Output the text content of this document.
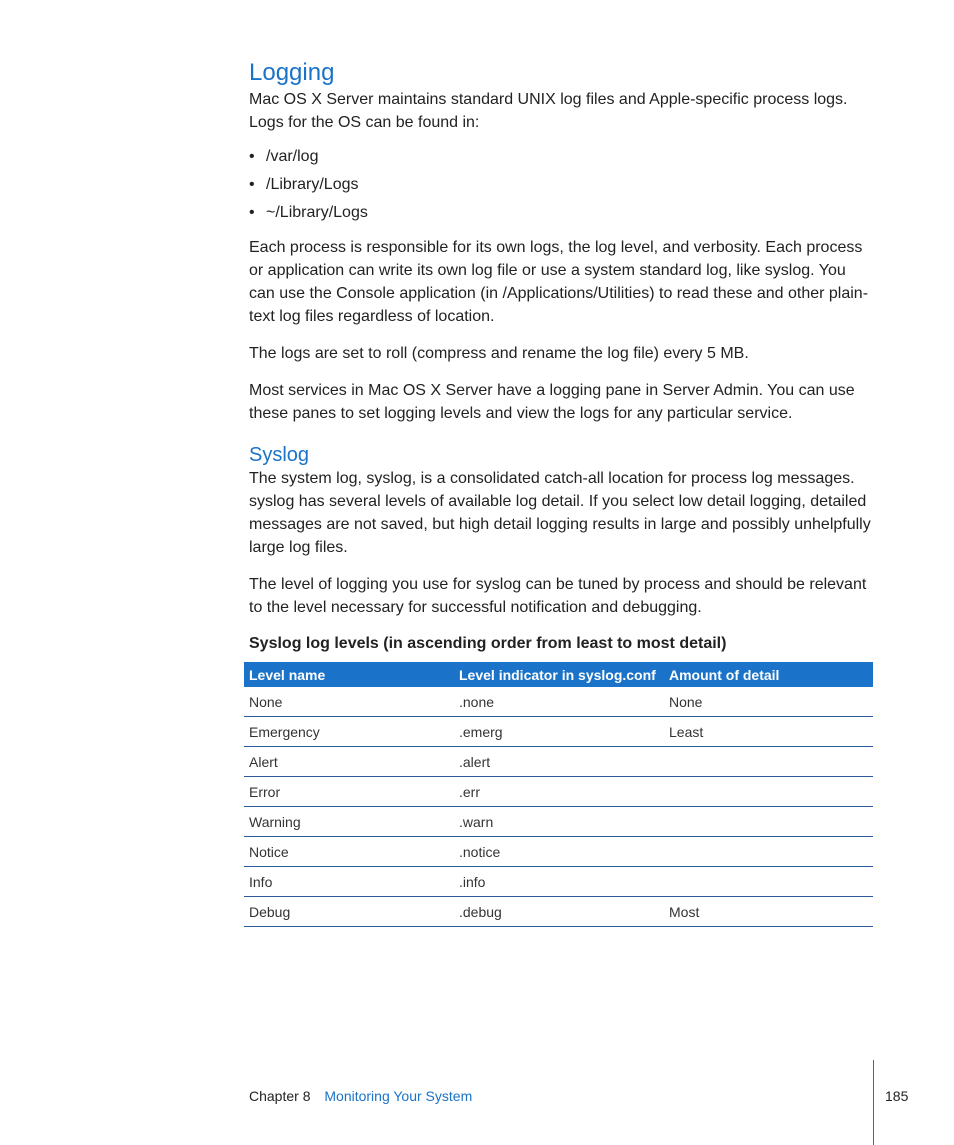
Logging

Mac OS X Server maintains standard UNIX log files and Apple-specific process logs. Logs for the OS can be found in:

• /var/log
• /Library/Logs
• ~/Library/Logs

Each process is responsible for its own logs, the log level, and verbosity. Each process or application can write its own log file or use a system standard log, like syslog. You can use the Console application (in /Applications/Utilities) to read these and other plain-text log files regardless of location.

The logs are set to roll (compress and rename the log file) every 5 MB.

Most services in Mac OS X Server have a logging pane in Server Admin. You can use these panes to set logging levels and view the logs for any particular service.

Syslog

The system log, syslog, is a consolidated catch-all location for process log messages. syslog has several levels of available log detail. If you select low detail logging, detailed messages are not saved, but high detail logging results in large and possibly unhelpfully large log files.

The level of logging you use for syslog can be tuned by process and should be relevant to the level necessary for successful notification and debugging.

Syslog log levels (in ascending order from least to most detail)

Level name	Level indicator in syslog.conf	Amount of detail
None	.none	None
Emergency	.emerg	Least
Alert	.alert	
Error	.err	
Warning	.warn	
Notice	.notice	
Info	.info	
Debug	.debug	Most
Chapter 8 Monitoring Your System	185
